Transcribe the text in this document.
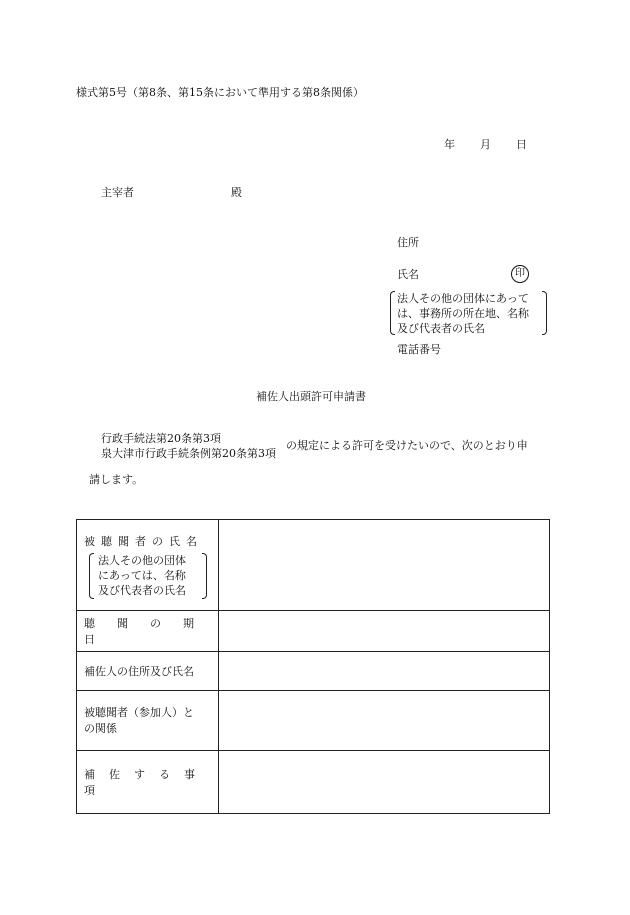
様式第5号（第8条、第15条において準用する第8条関係）
年 月 日
主宰者	殿
住所
氏名	印
法人その他の団体にあって
は、事務所の所在地、名称
及び代表者の氏名
電話番号
補佐人出頭許可申請書
行政手続法第20条第3項
泉大津市行政手続条例第20条第3項
の規定による許可を受けたいので、次のとおり申
請します。
被聴聞者の氏名
法人その他の団体
にあっては、名称
及び代表者の氏名	

聴聞の期日	

補佐人の住所及び氏名	

被聴聞者（参加人）と
の関係	

補佐する事項	
